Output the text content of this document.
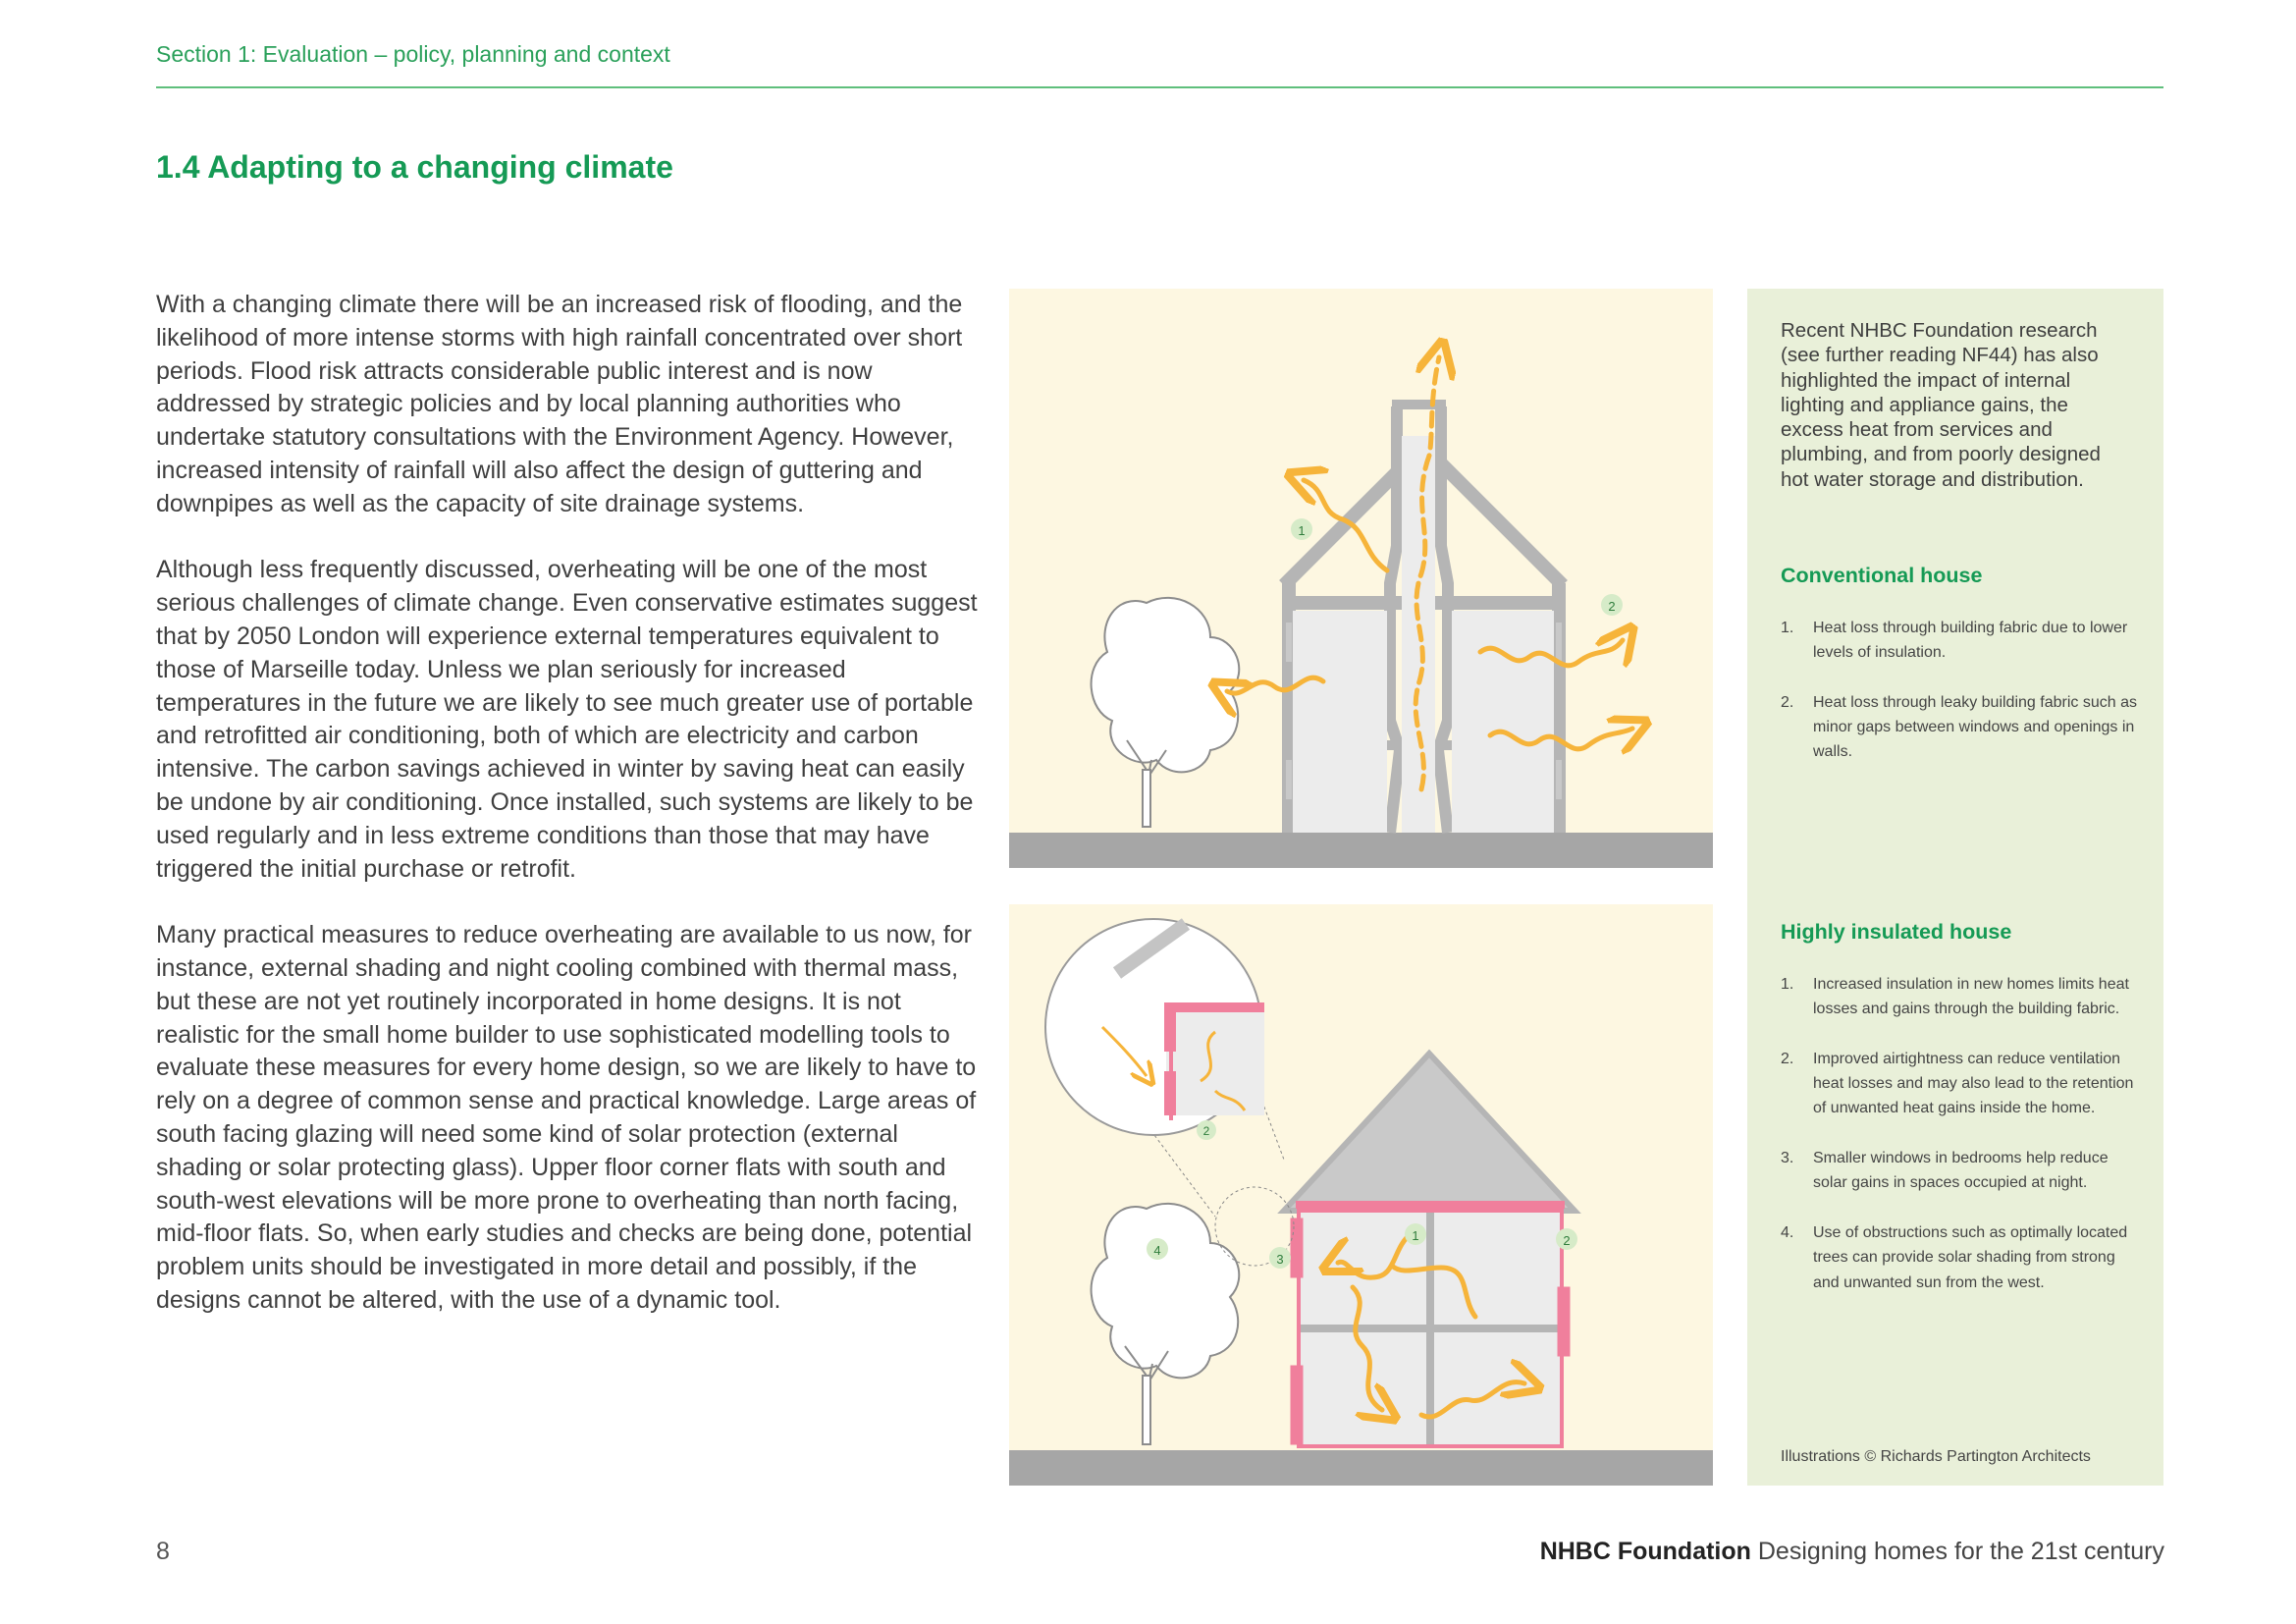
Section 1: Evaluation – policy, planning and context
1.4 Adapting to a changing climate

With a changing climate there will be an increased risk of flooding, and the likelihood of more intense storms with high rainfall concentrated over short periods. Flood risk attracts considerable public interest and is now addressed by strategic policies and by local planning authorities who undertake statutory consultations with the Environment Agency. However, increased intensity of rainfall will also affect the design of guttering and downpipes as well as the capacity of site drainage systems.

Although less frequently discussed, overheating will be one of the most serious challenges of climate change. Even conservative estimates suggest that by 2050 London will experience external temperatures equivalent to those of Marseille today. Unless we plan seriously for increased temperatures in the future we are likely to see much greater use of portable and retrofitted air conditioning, both of which are electricity and carbon intensive. The carbon savings achieved in winter by saving heat can easily be undone by air conditioning. Once installed, such systems are likely to be used regularly and in less extreme conditions than those that may have triggered the initial purchase or retrofit.

Many practical measures to reduce overheating are available to us now, for instance, external shading and night cooling combined with thermal mass, but these are not yet routinely incorporated in home designs. It is not realistic for the small home builder to use sophisticated modelling tools to evaluate these measures for every home design, so we are likely to have to rely on a degree of common sense and practical knowledge. Large areas of south facing glazing will need some kind of solar protection (external shading or solar protecting glass). Upper floor corner flats with south and south-west elevations will be more prone to overheating than north facing, mid-floor flats. So, when early studies and checks are being done, potential problem units should be investigated in more detail and possibly, if the designs cannot be altered, with the use of a dynamic tool.

1
2
2
1	2
3
4

Recent NHBC Foundation research (see further reading NF44) has also highlighted the impact of internal lighting and appliance gains, the excess heat from services and plumbing, and from poorly designed hot water storage and distribution.

Conventional house
1. Heat loss through building fabric due to lower levels of insulation.
2. Heat loss through leaky building fabric such as minor gaps between windows and openings in walls.
Highly insulated house
1. Increased insulation in new homes limits heat losses and gains through the building fabric.
2. Improved airtightness can reduce ventilation heat losses and may also lead to the retention of unwanted heat gains inside the home.
3. Smaller windows in bedrooms help reduce solar gains in spaces occupied at night.
4. Use of obstructions such as optimally located trees can provide solar shading from strong and unwanted sun from the west.

Illustrations © Richards Partington Architects

8	NHBC Foundation Designing homes for the 21st century
